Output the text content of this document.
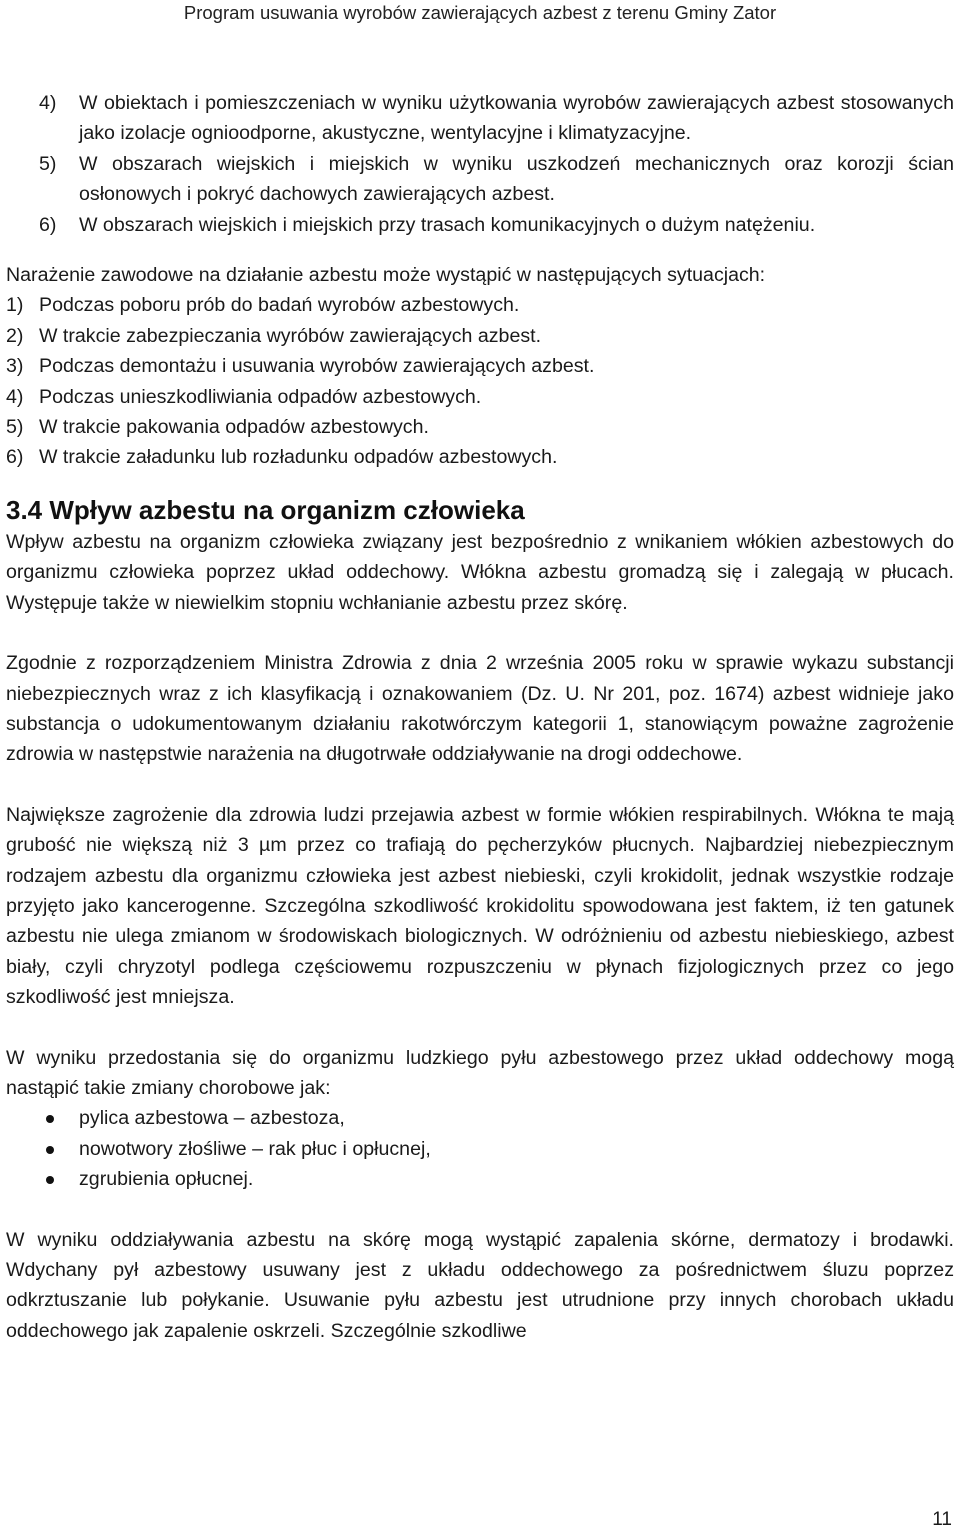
Program usuwania wyrobów zawierających azbest z terenu Gminy Zator
4) W obiektach i pomieszczeniach w wyniku użytkowania wyrobów zawierających azbest stosowanych jako izolacje ognioodporne, akustyczne, wentylacyjne i klimatyzacyjne.
5) W obszarach wiejskich i miejskich w wyniku uszkodzeń mechanicznych oraz korozji ścian osłonowych i pokryć dachowych zawierających azbest.
6) W obszarach wiejskich i miejskich przy trasach komunikacyjnych o dużym natężeniu.

Narażenie zawodowe na działanie azbestu może wystąpić w następujących sytuacjach:

1) Podczas poboru prób do badań wyrobów azbestowych.
2) W trakcie zabezpieczania wyróbów zawierających azbest.
3) Podczas demontażu i usuwania wyrobów zawierających azbest.
4) Podczas unieszkodliwiania odpadów azbestowych.
5) W trakcie pakowania odpadów azbestowych.
6) W trakcie załadunku lub rozładunku odpadów azbestowych.
3.4 Wpływ azbestu na organizm człowieka

Wpływ azbestu na organizm człowieka związany jest bezpośrednio z wnikaniem włókien azbestowych do organizmu człowieka poprzez układ oddechowy. Włókna azbestu gromadzą się i zalegają w płucach. Występuje także w niewielkim stopniu wchłanianie azbestu przez skórę.

Zgodnie z rozporządzeniem Ministra Zdrowia z dnia 2 września 2005 roku w sprawie wykazu substancji niebezpiecznych wraz z ich klasyfikacją i oznakowaniem (Dz. U. Nr 201, poz. 1674) azbest widnieje jako substancja o udokumentowanym działaniu rakotwórczym kategorii 1, stanowiącym poważne zagrożenie zdrowia w następstwie narażenia na długotrwałe oddziaływanie na drogi oddechowe.

Największe zagrożenie dla zdrowia ludzi przejawia azbest w formie włókien respirabilnych. Włókna te mają grubość nie większą niż 3 µm przez co trafiają do pęcherzyków płucnych. Najbardziej niebezpiecznym rodzajem azbestu dla organizmu człowieka jest azbest niebieski, czyli krokidolit, jednak wszystkie rodzaje przyjęto jako kancerogenne. Szczególna szkodliwość krokidolitu spowodowana jest faktem, iż ten gatunek azbestu nie ulega zmianom w środowiskach biologicznych. W odróżnieniu od azbestu niebieskiego, azbest biały, czyli chryzotyl podlega częściowemu rozpuszczeniu w płynach fizjologicznych przez co jego szkodliwość jest mniejsza.

W wyniku przedostania się do organizmu ludzkiego pyłu azbestowego przez układ oddechowy mogą nastąpić takie zmiany chorobowe jak:

pylica azbestowa – azbestoza,
nowotwory złośliwe – rak płuc i opłucnej,
zgrubienia opłucnej.

W wyniku oddziaływania azbestu na skórę mogą wystąpić zapalenia skórne, dermatozy i brodawki. Wdychany pył azbestowy usuwany jest z układu oddechowego za pośrednictwem śluzu poprzez odkrztuszanie lub połykanie. Usuwanie pyłu azbestu jest utrudnione przy innych chorobach układu oddechowego jak zapalenie oskrzeli. Szczególnie szkodliwe

11
